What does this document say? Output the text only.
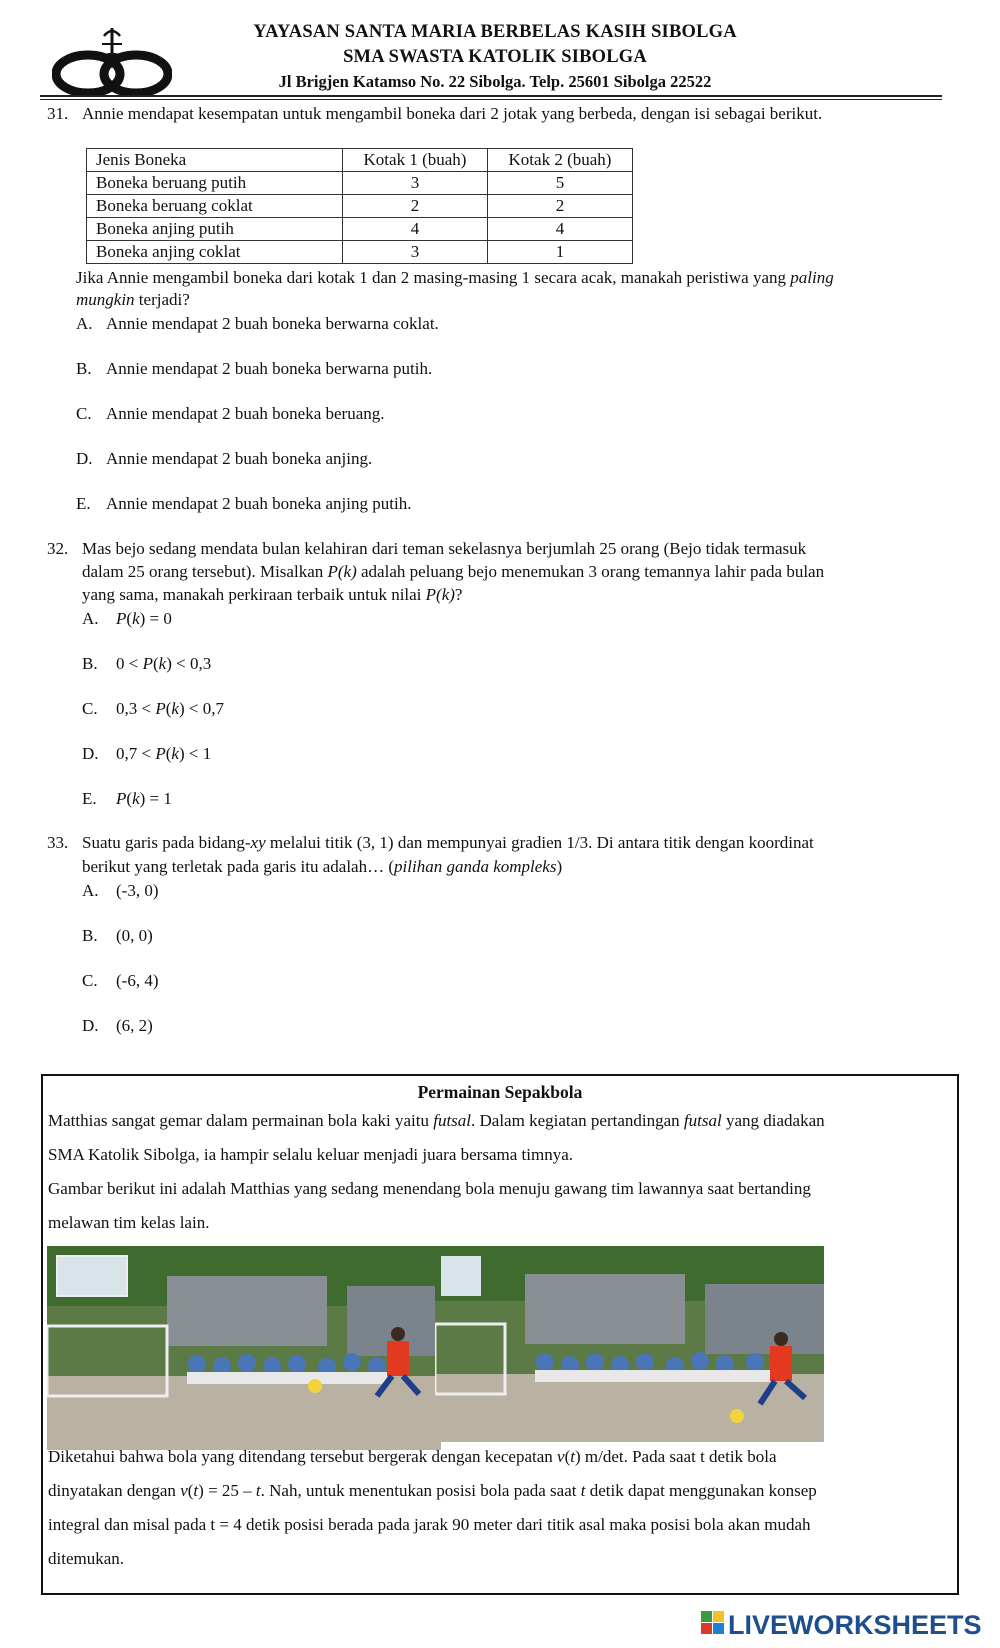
YAYASAN SANTA MARIA BERBELAS KASIH SIBOLGA
SMA SWASTA KATOLIK SIBOLGA
Jl Brigjen Katamso No. 22 Sibolga. Telp. 25601 Sibolga 22522
31. Annie mendapat kesempatan untuk mengambil boneka dari 2 jotak yang berbeda, dengan isi sebagai berikut.
Jenis Boneka	Kotak 1 (buah)	Kotak 2 (buah)
Boneka beruang putih	3	5
Boneka beruang coklat	2	2
Boneka anjing putih	4	4
Boneka anjing coklat	3	1
Jika Annie mengambil boneka dari kotak 1 dan 2 masing-masing 1 secara acak, manakah peristiwa yang paling
mungkin terjadi?
A. Annie mendapat 2 buah boneka berwarna coklat.
B. Annie mendapat 2 buah boneka berwarna putih.
C. Annie mendapat 2 buah boneka beruang.
D. Annie mendapat 2 buah boneka anjing.
E. Annie mendapat 2 buah boneka anjing putih.
32. Mas bejo sedang mendata bulan kelahiran dari teman sekelasnya berjumlah 25 orang (Bejo tidak termasuk
dalam 25 orang tersebut). Misalkan P(k) adalah peluang bejo menemukan 3 orang temannya lahir pada bulan
yang sama, manakah perkiraan terbaik untuk nilai P(k)?
A. P(k) = 0
B. 0 < P(k) < 0,3
C. 0,3 < P(k) < 0,7
D. 0,7 < P(k) < 1
E. P(k) = 1
33. Suatu garis pada bidang-xy melalui titik (3, 1) dan mempunyai gradien 1/3. Di antara titik dengan koordinat
berikut yang terletak pada garis itu adalah… (pilihan ganda kompleks)
A. (-3, 0)
B. (0, 0)
C. (-6, 4)
D. (6, 2)
Permainan Sepakbola
Matthias sangat gemar dalam permainan bola kaki yaitu futsal. Dalam kegiatan pertandingan futsal yang diadakan
SMA Katolik Sibolga, ia hampir selalu keluar menjadi juara bersama timnya.
Gambar berikut ini adalah Matthias yang sedang menendang bola menuju gawang tim lawannya saat bertanding
melawan tim kelas lain.
Diketahui bahwa bola yang ditendang tersebut bergerak dengan kecepatan v(t) m/det. Pada saat t detik bola
dinyatakan dengan v(t) = 25 – t. Nah, untuk menentukan posisi bola pada saat t detik dapat menggunakan konsep
integral dan misal pada t = 4 detik posisi berada pada jarak 90 meter dari titik asal maka posisi bola akan mudah
ditemukan.
LIVEWORKSHEETS
